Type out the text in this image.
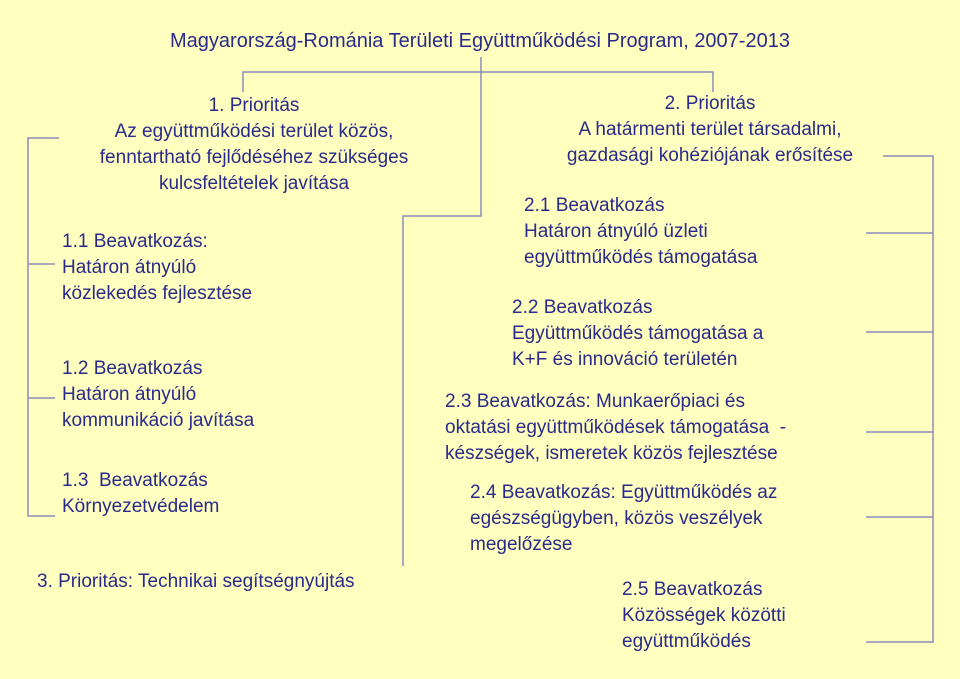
Magyarország-Románia Területi Együttműködési Program, 2007-2013
1. Prioritás
Az együttműködési terület közös,
fenntartható fejlődéséhez szükséges
kulcsfeltételek javítása
1.1 Beavatkozás:
Határon átnyúló
közlekedés fejlesztése
1.2 Beavatkozás
Határon átnyúló
kommunikáció javítása
1.3  Beavatkozás
Környezetvédelem
3. Prioritás: Technikai segítségnyújtás
2. Prioritás
A határmenti terület társadalmi,
gazdasági kohéziójának erősítése
2.1 Beavatkozás
Határon átnyúló üzleti
együttműködés támogatása
2.2 Beavatkozás
Együttműködés támogatása a
K+F és innováció területén
2.3 Beavatkozás: Munkaerőpiaci és
oktatási együttműködések támogatása  -
készségek, ismeretek közös fejlesztése
2.4 Beavatkozás: Együttműködés az
egészségügyben, közös veszélyek
megelőzése
2.5 Beavatkozás
Közösségek közötti
együttműködés
